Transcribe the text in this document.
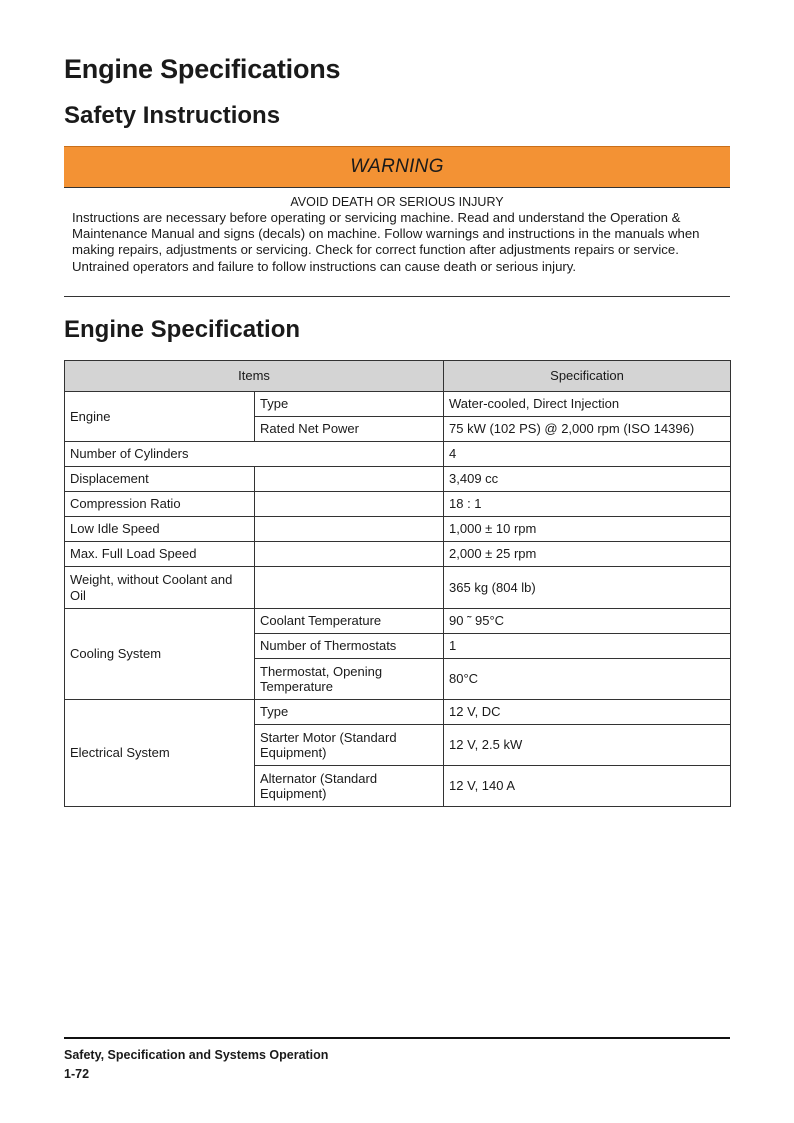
Engine Specifications
Safety Instructions
WARNING

AVOID DEATH OR SERIOUS INJURY

Instructions are necessary before operating or servicing machine. Read and understand the Operation & Maintenance Manual and signs (decals) on machine. Follow warnings and instructions in the manuals when making repairs, adjustments or servicing. Check for correct function after adjustments repairs or service. Untrained operators and failure to follow instructions can cause death or serious injury.

Engine Specification
Items		Specification
Engine	Type	Water-cooled, Direct Injection
	Rated Net Power	75 kW (102 PS) @ 2,000 rpm (ISO 14396)
Number of Cylinders		4
Displacement		3,409 cc
Compression Ratio		18 : 1
Low Idle Speed		1,000 ± 10 rpm
Max. Full Load Speed		2,000 ± 25 rpm
Weight, without Coolant and Oil		365 kg (804 lb)
Cooling System	Coolant Temperature	90 ˜ 95°C
	Number of Thermostats	1
	Thermostat, Opening Temperature	80°C
Electrical System	Type	12 V, DC
	Starter Motor (Standard Equipment)	12 V, 2.5 kW
	Alternator (Standard Equipment)	12 V, 140 A
Safety, Specification and Systems Operation
1-72
